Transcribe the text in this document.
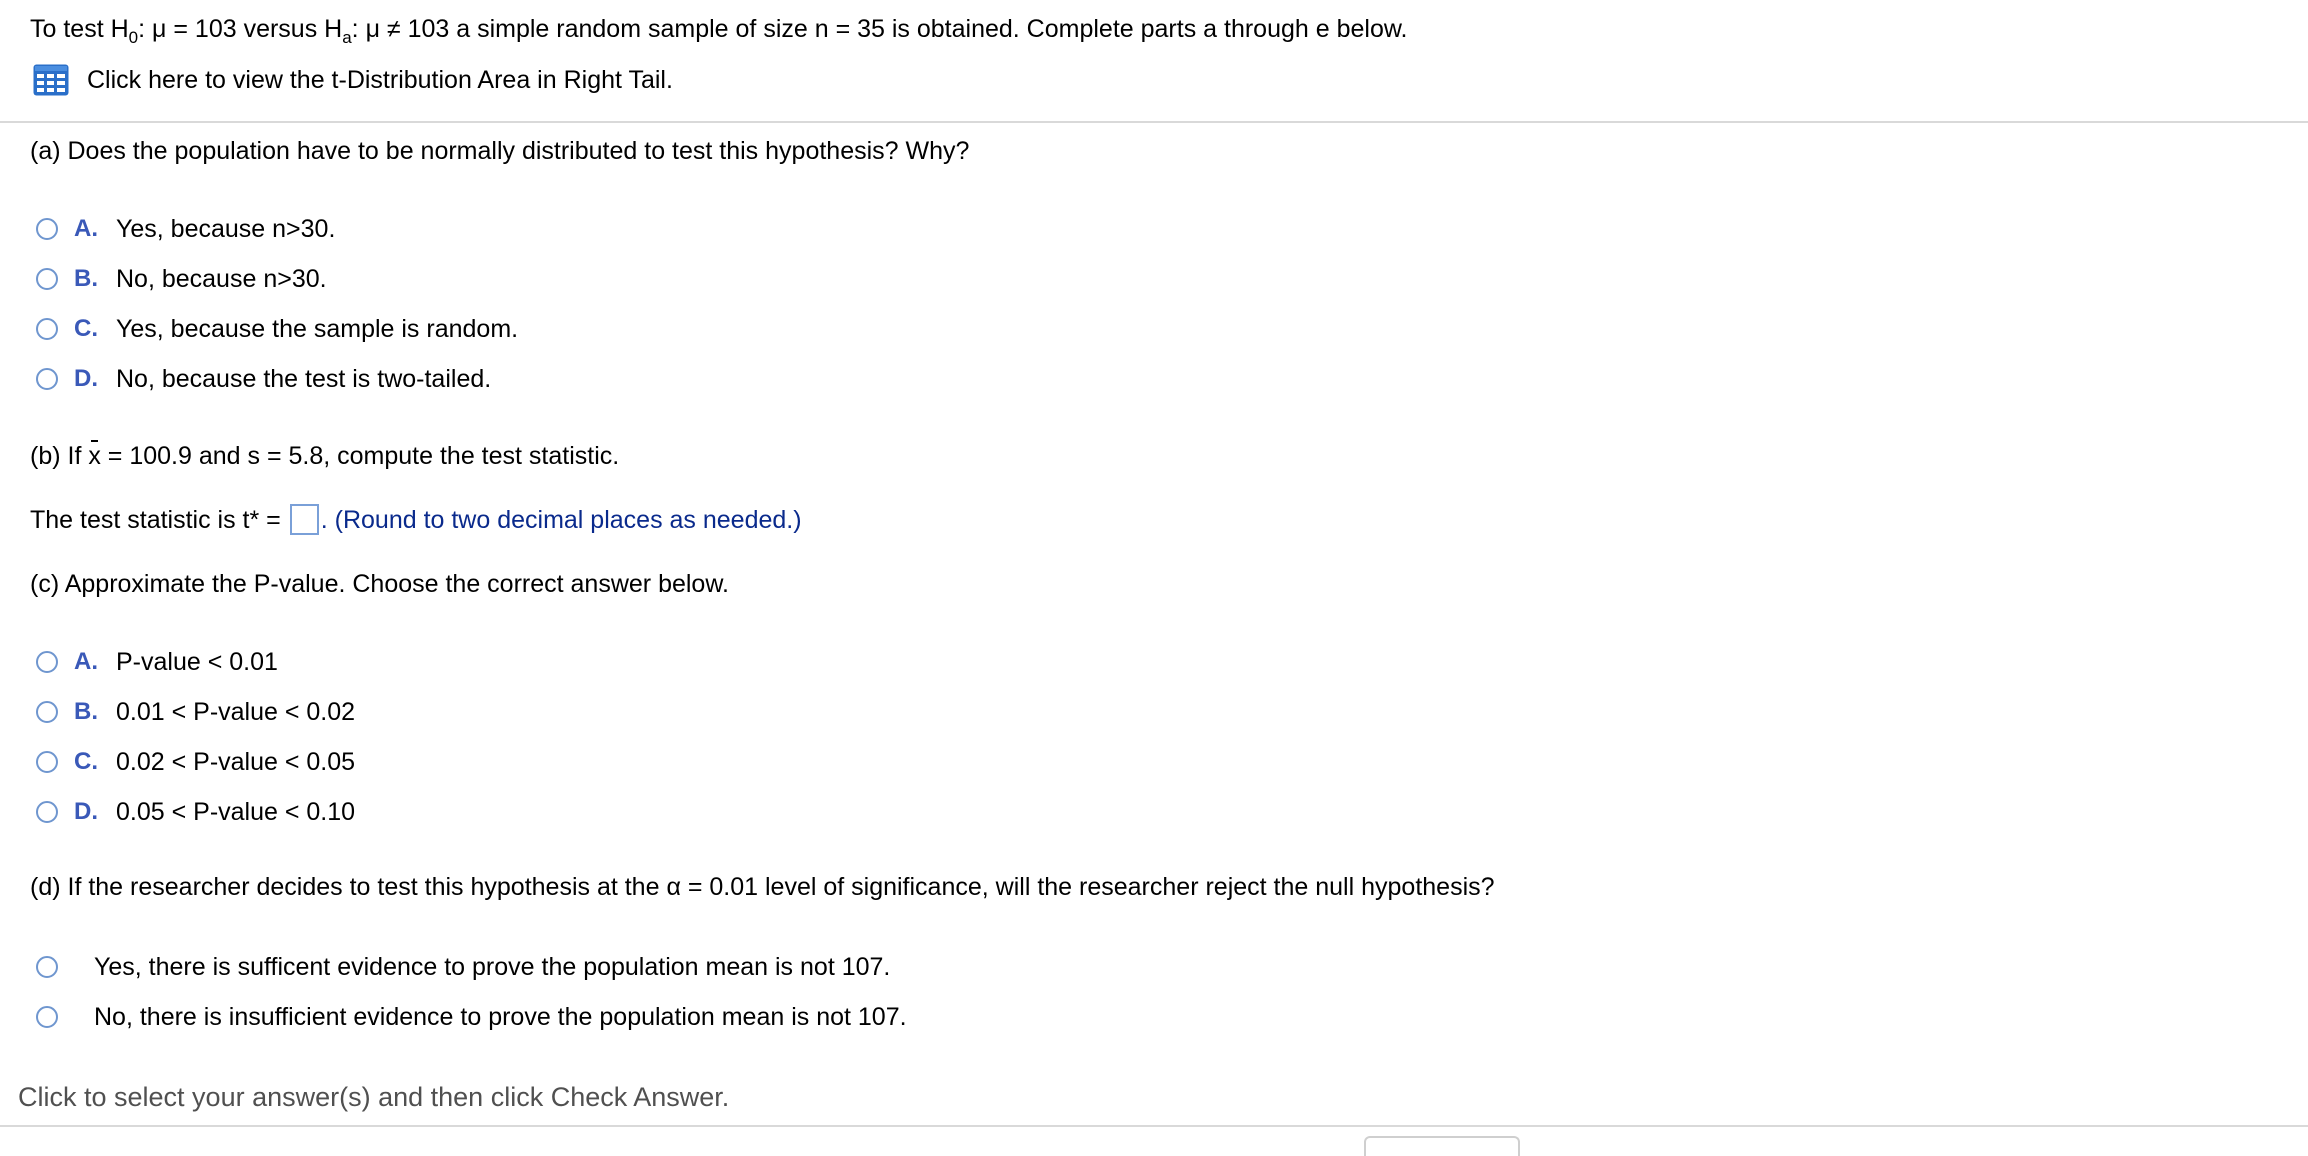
To test $H_0$: μ = 103 versus $H_a$: μ ≠ 103 a simple random sample of size n = 35 is obtained. Complete parts a through e below.
Click here to view the t-Distribution Area in Right Tail.
(a) Does the population have to be normally distributed to test this hypothesis? Why?
A. Yes, because n>30.
B. No, because n>30.
C. Yes, because the sample is random.
D. No, because the test is two-tailed.
(b) If x = 100.9 and s = 5.8, compute the test statistic.
The test statistic is t* = . (Round to two decimal places as needed.)
(c) Approximate the P-value. Choose the correct answer below.
A. P-value < 0.01
B. 0.01 < P-value < 0.02
C. 0.02 < P-value < 0.05
D. 0.05 < P-value < 0.10
(d) If the researcher decides to test this hypothesis at the α = 0.01 level of significance, will the researcher reject the null hypothesis?
Yes, there is sufficent evidence to prove the population mean is not 107.
No, there is insufficient evidence to prove the population mean is not 107.
Click to select your answer(s) and then click Check Answer.
